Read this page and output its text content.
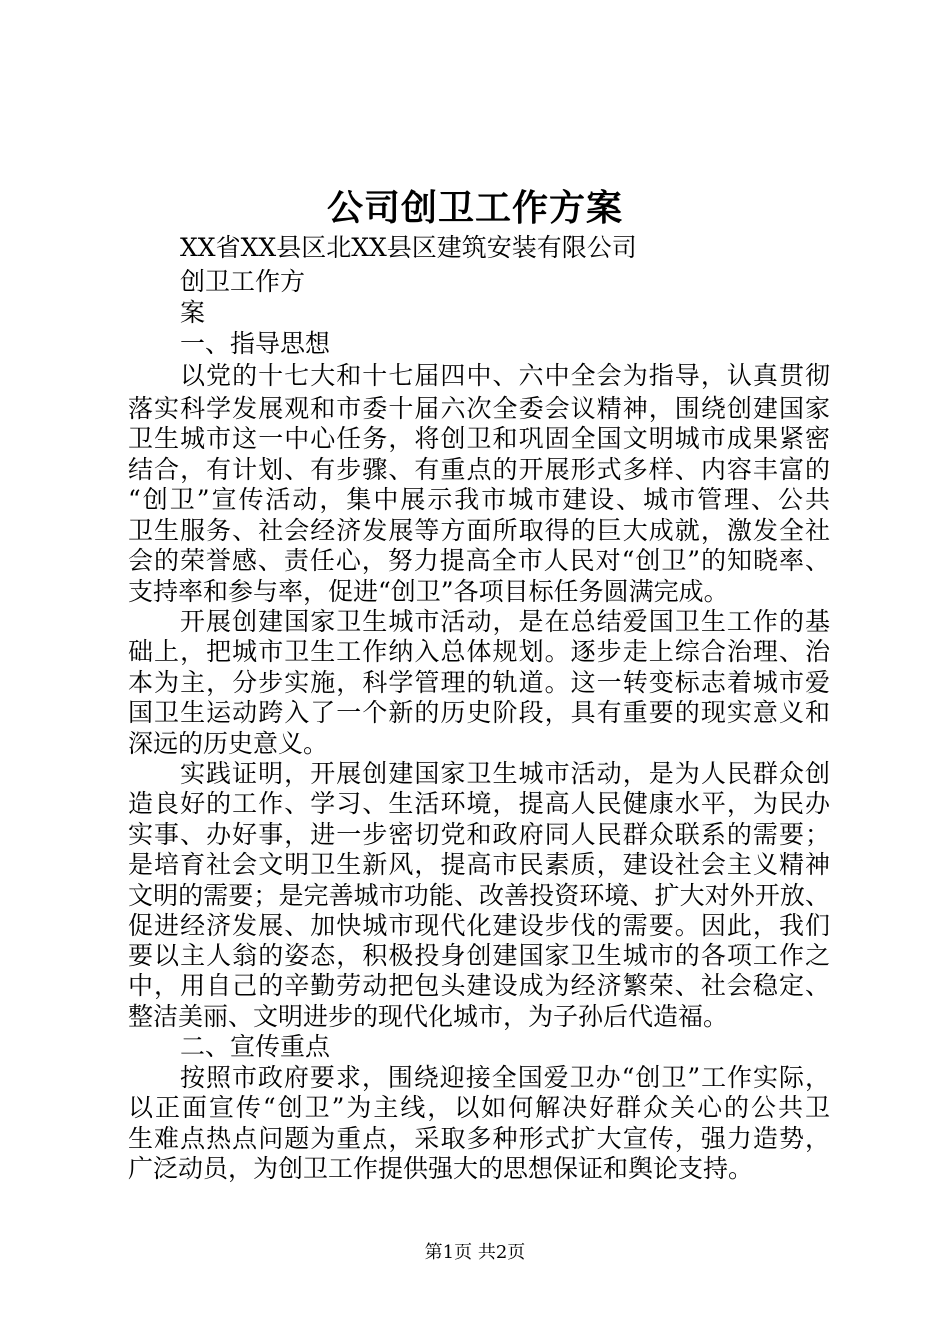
公司创卫工作方案
XX省XX县区北XX县区建筑安装有限公司
创卫工作方
案
一、指导思想
以党的十七大和十七届四中、六中全会为指导，认真贯彻
落实科学发展观和市委十届六次全委会议精神，围绕创建国家
卫生城市这一中心任务，将创卫和巩固全国文明城市成果紧密
结合，有计划、有步骤、有重点的开展形式多样、内容丰富的
“创卫”宣传活动，集中展示我市城市建设、城市管理、公共
卫生服务、社会经济发展等方面所取得的巨大成就，激发全社
会的荣誉感、责任心，努力提高全市人民对“创卫”的知晓率、
支持率和参与率，促进“创卫”各项目标任务圆满完成。
开展创建国家卫生城市活动，是在总结爱国卫生工作的基
础上，把城市卫生工作纳入总体规划。逐步走上综合治理、治
本为主，分步实施，科学管理的轨道。这一转变标志着城市爱
国卫生运动跨入了一个新的历史阶段，具有重要的现实意义和
深远的历史意义。
实践证明，开展创建国家卫生城市活动，是为人民群众创
造良好的工作、学习、生活环境，提高人民健康水平，为民办
实事、办好事，进一步密切党和政府同人民群众联系的需要；
是培育社会文明卫生新风，提高市民素质，建设社会主义精神
文明的需要；是完善城市功能、改善投资环境、扩大对外开放、
促进经济发展、加快城市现代化建设步伐的需要。因此，我们
要以主人翁的姿态，积极投身创建国家卫生城市的各项工作之
中，用自己的辛勤劳动把包头建设成为经济繁荣、社会稳定、
整洁美丽、文明进步的现代化城市，为子孙后代造福。
二、宣传重点
按照市政府要求，围绕迎接全国爱卫办“创卫”工作实际，
以正面宣传“创卫”为主线，以如何解决好群众关心的公共卫
生难点热点问题为重点，采取多种形式扩大宣传，强力造势，
广泛动员，为创卫工作提供强大的思想保证和舆论支持。
第1页 共2页
